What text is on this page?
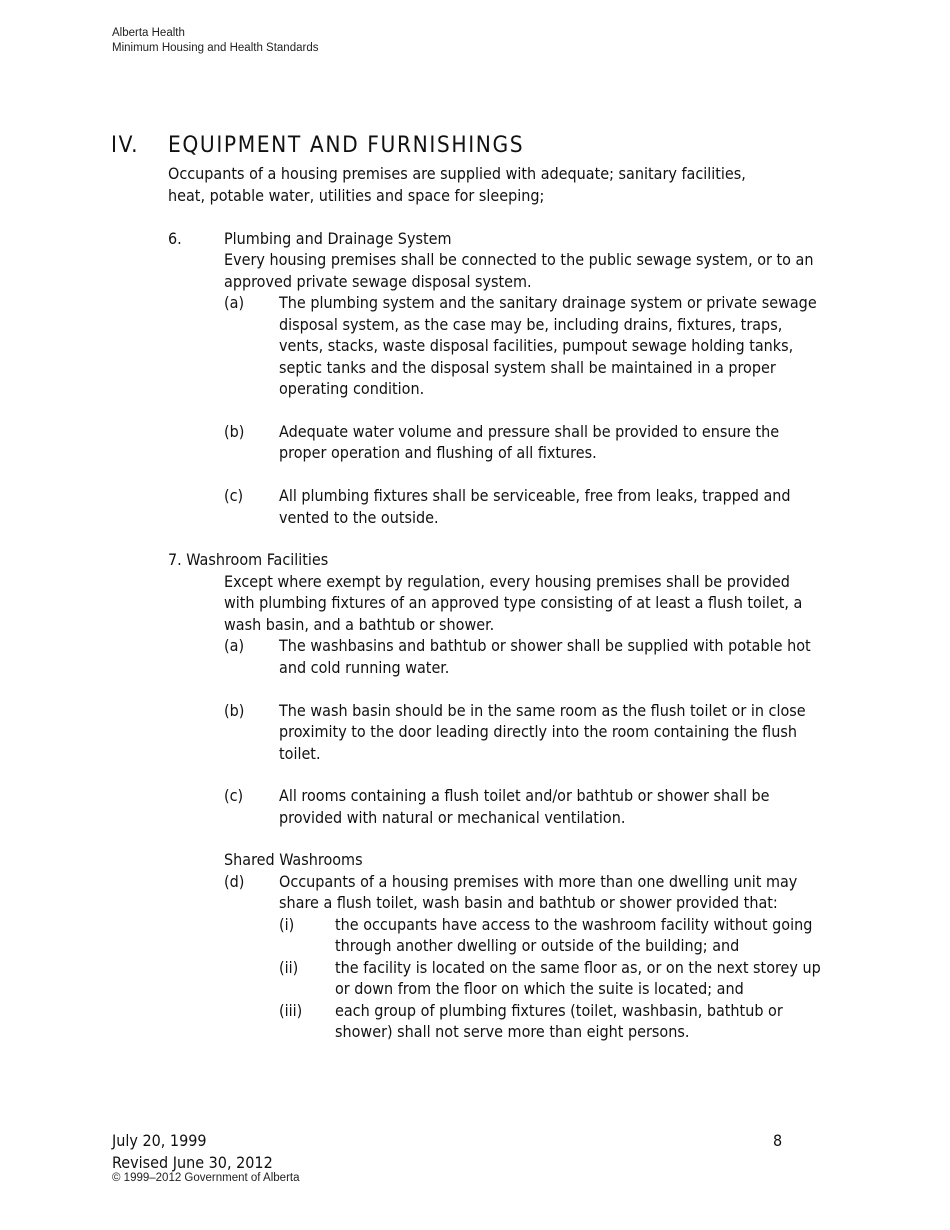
Alberta Health
Minimum Housing and Health Standards
IV. EQUIPMENT AND FURNISHINGS
Occupants of a housing premises are supplied with adequate; sanitary facilities,
heat, potable water, utilities and space for sleeping;
6.	Plumbing and Drainage System
Every housing premises shall be connected to the public sewage system, or to an
approved private sewage disposal system.
(a) The plumbing system and the sanitary drainage system or private sewage
disposal system, as the case may be, including drains, fixtures, traps,
vents, stacks, waste disposal facilities, pumpout sewage holding tanks,
septic tanks and the disposal system shall be maintained in a proper
operating condition.
(b) Adequate water volume and pressure shall be provided to ensure the
proper operation and flushing of all fixtures.
(c) All plumbing fixtures shall be serviceable, free from leaks, trapped and
vented to the outside.
7. Washroom Facilities
Except where exempt by regulation, every housing premises shall be provided
with plumbing fixtures of an approved type consisting of at least a flush toilet, a
wash basin, and a bathtub or shower.
(a) The washbasins and bathtub or shower shall be supplied with potable hot
and cold running water.
(b) The wash basin should be in the same room as the flush toilet or in close
proximity to the door leading directly into the room containing the flush
toilet.
(c) All rooms containing a flush toilet and/or bathtub or shower shall be
provided with natural or mechanical ventilation.
Shared Washrooms
(d) Occupants of a housing premises with more than one dwelling unit may
share a flush toilet, wash basin and bathtub or shower provided that:
(i)	the occupants have access to the washroom facility without going
through another dwelling or outside of the building; and
(ii) the facility is located on the same floor as, or on the next storey up
or down from the floor on which the suite is located; and
(iii) each group of plumbing fixtures (toilet, washbasin, bathtub or
shower) shall not serve more than eight persons.
July 20, 1999	8
Revised June 30, 2012
© 1999–2012 Government of Alberta
